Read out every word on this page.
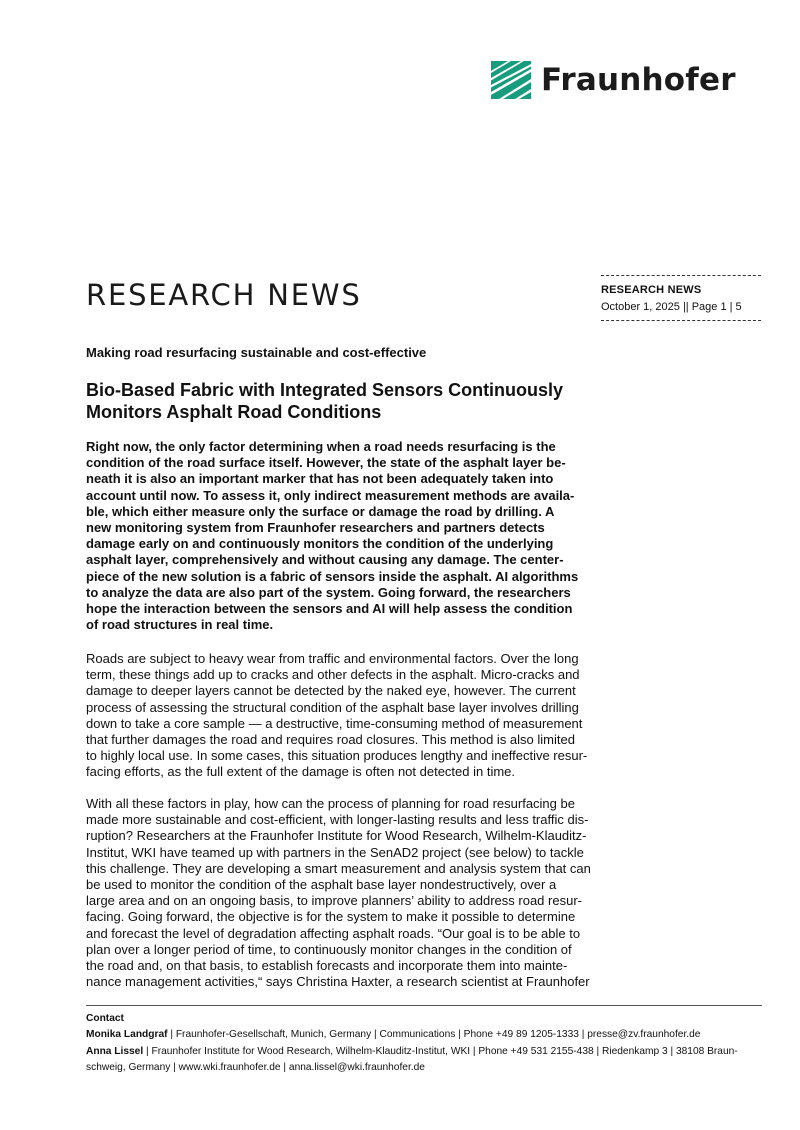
Fraunhofer
RESEARCH NEWS	RESEARCH NEWS
October 1, 2025 || Page 1 | 5
Making road resurfacing sustainable and cost-effective
Bio-Based Fabric with Integrated Sensors Continuously
Monitors Asphalt Road Conditions
Right now, the only factor determining when a road needs resurfacing is the
condition of the road surface itself. However, the state of the asphalt layer be-
neath it is also an important marker that has not been adequately taken into
account until now. To assess it, only indirect measurement methods are availa-
ble, which either measure only the surface or damage the road by drilling. A
new monitoring system from Fraunhofer researchers and partners detects
damage early on and continuously monitors the condition of the underlying
asphalt layer, comprehensively and without causing any damage. The center-
piece of the new solution is a fabric of sensors inside the asphalt. AI algorithms
to analyze the data are also part of the system. Going forward, the researchers
hope the interaction between the sensors and AI will help assess the condition
of road structures in real time.
Roads are subject to heavy wear from traffic and environmental factors. Over the long
term, these things add up to cracks and other defects in the asphalt. Micro-cracks and
damage to deeper layers cannot be detected by the naked eye, however. The current
process of assessing the structural condition of the asphalt base layer involves drilling
down to take a core sample — a destructive, time-consuming method of measurement
that further damages the road and requires road closures. This method is also limited
to highly local use. In some cases, this situation produces lengthy and ineffective resur-
facing efforts, as the full extent of the damage is often not detected in time.
With all these factors in play, how can the process of planning for road resurfacing be
made more sustainable and cost-efficient, with longer-lasting results and less traffic dis-
ruption? Researchers at the Fraunhofer Institute for Wood Research, Wilhelm-Klauditz-
Institut, WKI have teamed up with partners in the SenAD2 project (see below) to tackle
this challenge. They are developing a smart measurement and analysis system that can
be used to monitor the condition of the asphalt base layer nondestructively, over a
large area and on an ongoing basis, to improve planners’ ability to address road resur-
facing. Going forward, the objective is for the system to make it possible to determine
and forecast the level of degradation affecting asphalt roads. “Our goal is to be able to
plan over a longer period of time, to continuously monitor changes in the condition of
the road and, on that basis, to establish forecasts and incorporate them into mainte-
nance management activities,“ says Christina Haxter, a research scientist at Fraunhofer
Contact
Monika Landgraf | Fraunhofer-Gesellschaft, Munich, Germany | Communications | Phone +49 89 1205-1333 | presse@zv.fraunhofer.de
Anna Lissel | Fraunhofer Institute for Wood Research, Wilhelm-Klauditz-Institut, WKI | Phone +49 531 2155-438 | Riedenkamp 3 | 38108 Braun-
schweig, Germany | www.wki.fraunhofer.de | anna.lissel@wki.fraunhofer.de
